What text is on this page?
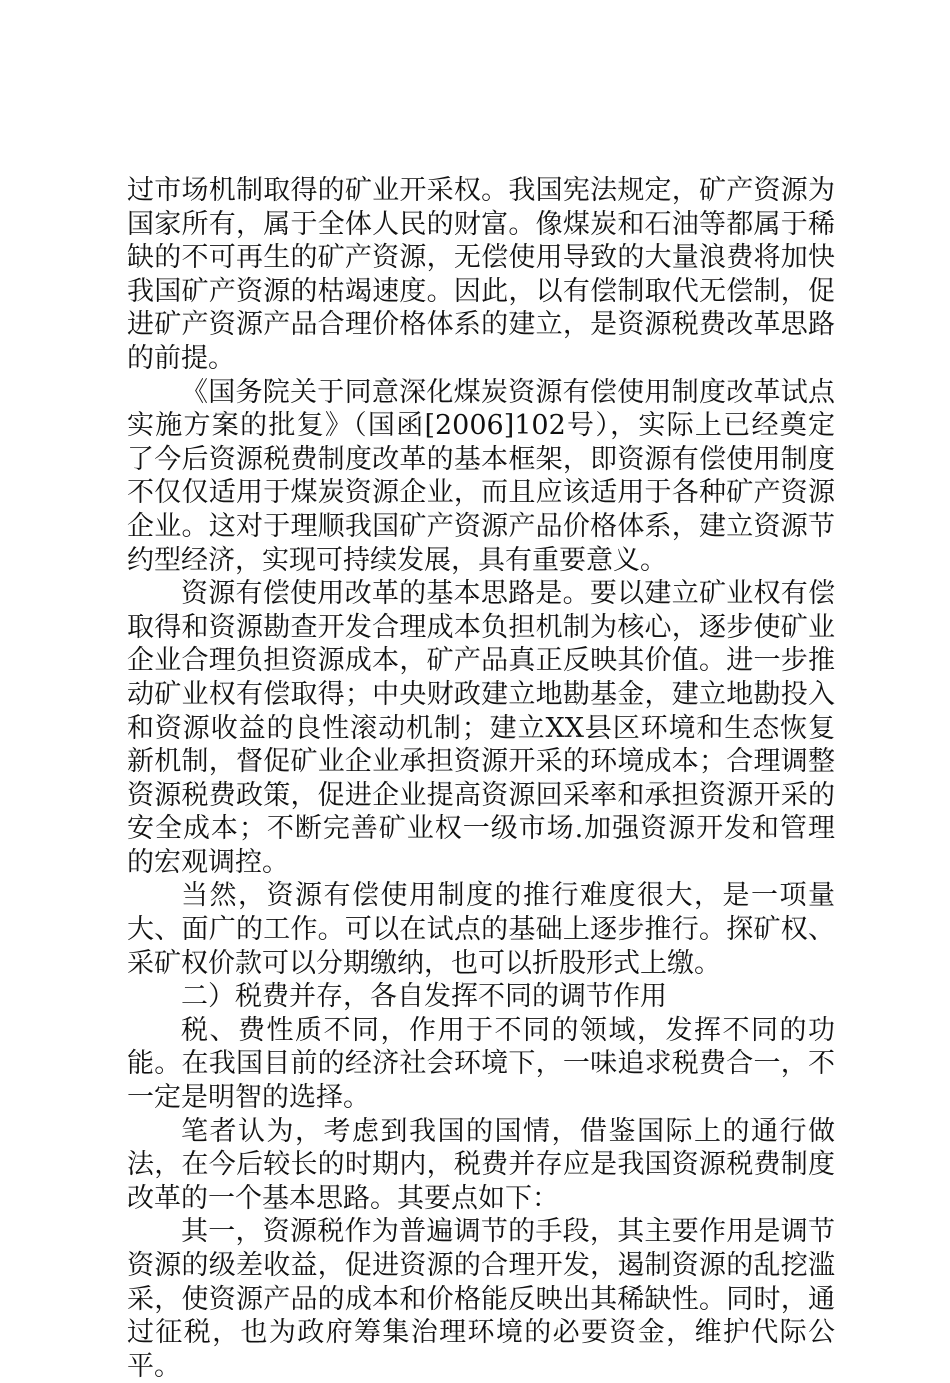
过市场机制取得的矿业开采权。我国宪法规定，矿产资源为国家所有，属于全体人民的财富。像煤炭和石油等都属于稀缺的不可再生的矿产资源，无偿使用导致的大量浪费将加快我国矿产资源的枯竭速度。因此，以有偿制取代无偿制，促进矿产资源产品合理价格体系的建立，是资源税费改革思路的前提。

《国务院关于同意深化煤炭资源有偿使用制度改革试点实施方案的批复》（国函[2006]102号），实际上已经奠定了今后资源税费制度改革的基本框架，即资源有偿使用制度不仅仅适用于煤炭资源企业，而且应该适用于各种矿产资源企业。这对于理顺我国矿产资源产品价格体系，建立资源节约型经济，实现可持续发展，具有重要意义。

资源有偿使用改革的基本思路是。要以建立矿业权有偿取得和资源勘查开发合理成本负担机制为核心，逐步使矿业企业合理负担资源成本，矿产品真正反映其价值。进一步推动矿业权有偿取得；中央财政建立地勘基金，建立地勘投入和资源收益的良性滚动机制；建立XX县区环境和生态恢复新机制，督促矿业企业承担资源开采的环境成本；合理调整资源税费政策，促进企业提高资源回采率和承担资源开采的安全成本；不断完善矿业权一级市场.加强资源开发和管理的宏观调控。

当然，资源有偿使用制度的推行难度很大，是一项量大、面广的工作。可以在试点的基础上逐步推行。探矿权、采矿权价款可以分期缴纳，也可以折股形式上缴。

二）税费并存，各自发挥不同的调节作用

税、费性质不同，作用于不同的领域，发挥不同的功能。在我国目前的经济社会环境下，一味追求税费合一，不一定是明智的选择。

笔者认为，考虑到我国的国情，借鉴国际上的通行做法，在今后较长的时期内，税费并存应是我国资源税费制度改革的一个基本思路。其要点如下：

其一，资源税作为普遍调节的手段，其主要作用是调节资源的级差收益，促进资源的合理开发，遏制资源的乱挖滥采，使资源产品的成本和价格能反映出其稀缺性。同时，通过征税，也为政府筹集治理环境的必要资金，维护代际公平。
